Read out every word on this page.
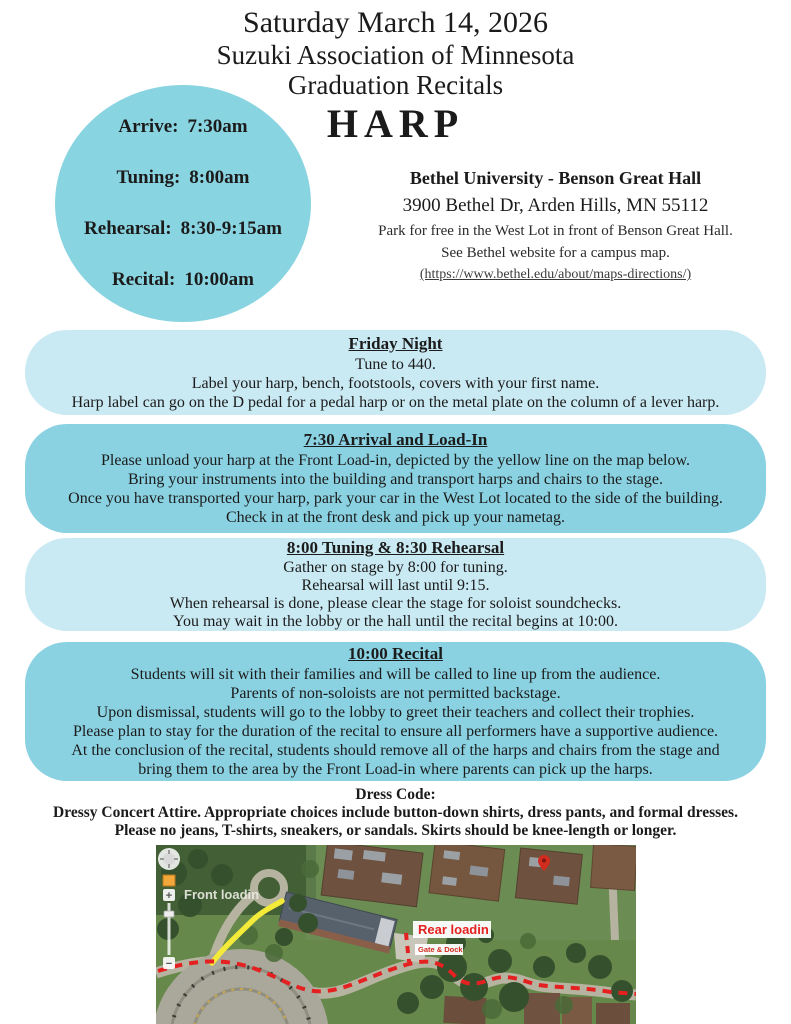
Saturday March 14, 2026
Suzuki Association of Minnesota
Graduation Recitals
Arrive: 7:30am
Tuning: 8:00am
Rehearsal: 8:30-9:15am
Recital: 10:00am
HARP
Bethel University - Benson Great Hall
3900 Bethel Dr, Arden Hills, MN 55112
Park for free in the West Lot in front of Benson Great Hall.
See Bethel website for a campus map.
(https://www.bethel.edu/about/maps-directions/)
Friday Night
Tune to 440.
Label your harp, bench, footstools, covers with your first name.
Harp label can go on the D pedal for a pedal harp or on the metal plate on the column of a lever harp.
7:30 Arrival and Load-In
Please unload your harp at the Front Load-in, depicted by the yellow line on the map below.
Bring your instruments into the building and transport harps and chairs to the stage.
Once you have transported your harp, park your car in the West Lot located to the side of the building.
Check in at the front desk and pick up your nametag.
8:00 Tuning & 8:30 Rehearsal
Gather on stage by 8:00 for tuning.
Rehearsal will last until 9:15.
When rehearsal is done, please clear the stage for soloist soundchecks.
You may wait in the lobby or the hall until the recital begins at 10:00.
10:00 Recital
Students will sit with their families and will be called to line up from the audience.
Parents of non-soloists are not permitted backstage.
Upon dismissal, students will go to the lobby to greet their teachers and collect their trophies.
Please plan to stay for the duration of the recital to ensure all performers have a supportive audience.
At the conclusion of the recital, students should remove all of the harps and chairs from the stage and
bring them to the area by the Front Load-in where parents can pick up the harps.
Dress Code:
Dressy Concert Attire. Appropriate choices include button-down shirts, dress pants, and formal dresses.
Please no jeans, T-shirts, sneakers, or sandals. Skirts should be knee-length or longer.
Front loadin
Rear loadin
Gate & Dock
+
−
